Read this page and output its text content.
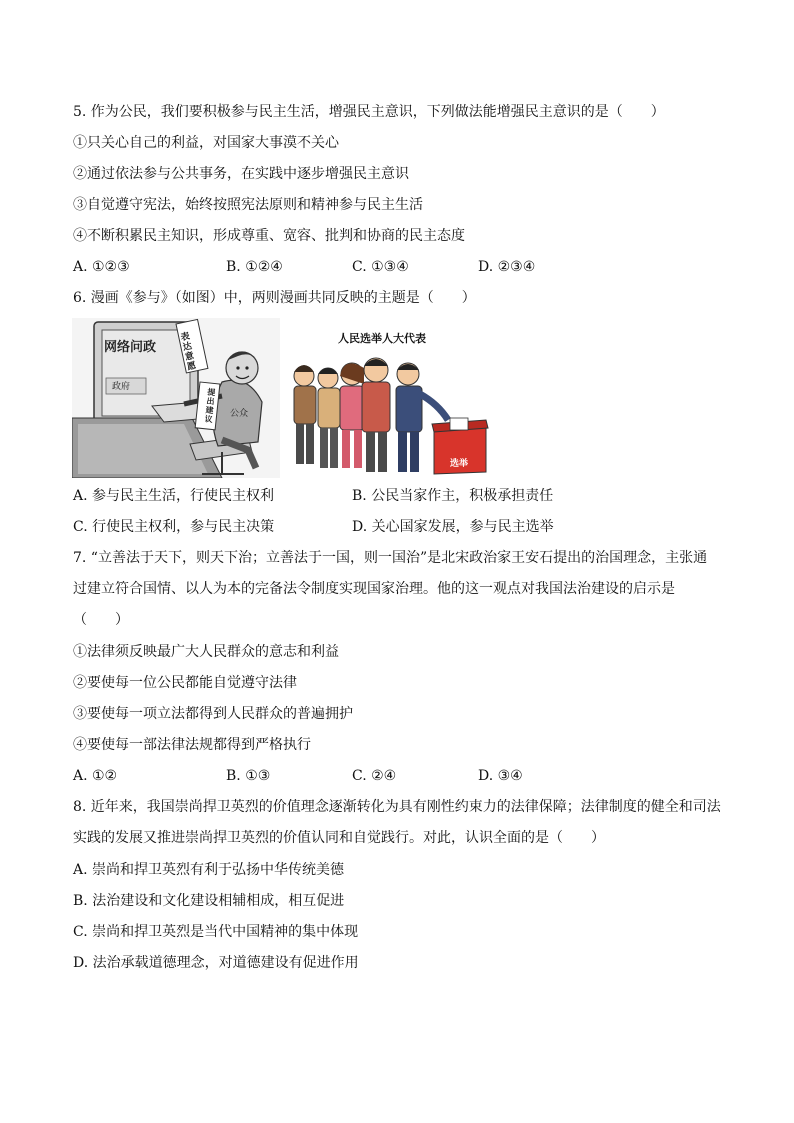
5. 作为公民，我们要积极参与民主生活，增强民主意识，下列做法能增强民主意识的是（　　）
①只关心自己的利益，对国家大事漠不关心
②通过依法参与公共事务，在实践中逐步增强民主意识
③自觉遵守宪法，始终按照宪法原则和精神参与民主生活
④不断积累民主知识，形成尊重、宽容、批判和协商的民主态度
A. ①②③	B. ①②④	C. ①③④	D. ②③④
6. 漫画《参与》（如图）中，两则漫画共同反映的主题是（　　）
网络问政
政府
表达意愿
提出建议
公众
人民选举人大代表
选举
A. 参与民主生活，行使民主权利	B. 公民当家作主，积极承担责任
C. 行使民主权利，参与民主决策	D. 关心国家发展，参与民主选举
7. “立善法于天下，则天下治；立善法于一国，则一国治”是北宋政治家王安石提出的治国理念，主张通
过建立符合国情、以人为本的完备法令制度实现国家治理。他的这一观点对我国法治建设的启示是
（　　）
①法律须反映最广大人民群众的意志和利益
②要使每一位公民都能自觉遵守法律
③要使每一项立法都得到人民群众的普遍拥护
④要使每一部法律法规都得到严格执行
A. ①②	B. ①③	C. ②④	D. ③④
8. 近年来，我国崇尚捍卫英烈的价值理念逐渐转化为具有刚性约束力的法律保障；法律制度的健全和司法
实践的发展又推进崇尚捍卫英烈的价值认同和自觉践行。对此，认识全面的是（　　）
A. 崇尚和捍卫英烈有利于弘扬中华传统美德
B. 法治建设和文化建设相辅相成，相互促进
C. 崇尚和捍卫英烈是当代中国精神的集中体现
D. 法治承载道德理念，对道德建设有促进作用
